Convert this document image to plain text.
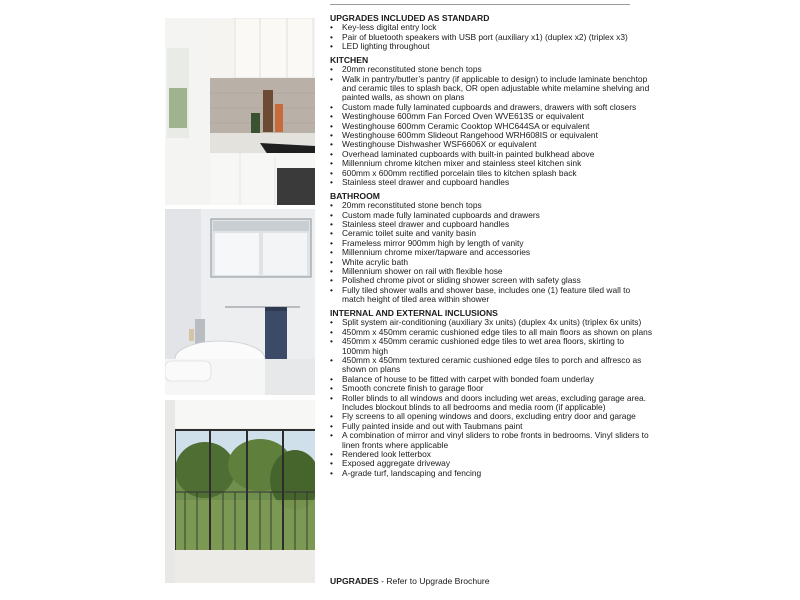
UPGRADES INCLUDED AS STANDARD
• Key-less digital entry lock
• Pair of bluetooth speakers with USB port (auxiliary x1) (duplex x2) (triplex x3)
• LED lighting throughout
KITCHEN
• 20mm reconstituted stone bench tops
• Walk in pantry/butler’s pantry (if applicable to design) to include laminate benchtop
and ceramic tiles to splash back, OR open adjustable white melamine shelving and
painted walls, as shown on plans
• Custom made fully laminated cupboards and drawers, drawers with soft closers
• Westinghouse 600mm Fan Forced Oven WVE613S or equivalent
• Westinghouse 600mm Ceramic Cooktop WHC644SA or equivalent
• Westinghouse 600mm Slideout Rangehood WRH608IS or equivalent
• Westinghouse Dishwasher WSF6606X or equivalent
• Overhead laminated cupboards with built-in painted bulkhead above
• Millennium chrome kitchen mixer and stainless steel kitchen sink
• 600mm x 600mm rectified porcelain tiles to kitchen splash back
• Stainless steel drawer and cupboard handles
BATHROOM
• 20mm reconstituted stone bench tops
• Custom made fully laminated cupboards and drawers
• Stainless steel drawer and cupboard handles
• Ceramic toilet suite and vanity basin
• Frameless mirror 900mm high by length of vanity
• Millennium chrome mixer/tapware and accessories
• White acrylic bath
• Millennium shower on rail with flexible hose
• Polished chrome pivot or sliding shower screen with safety glass
• Fully tiled shower walls and shower base, includes one (1) feature tiled wall to
match height of tiled area within shower
INTERNAL AND EXTERNAL INCLUSIONS
• Split system air-conditioning (auxiliary 3x units) (duplex 4x units) (triplex 6x units)
• 450mm x 450mm ceramic cushioned edge tiles to all main floors as shown on plans
• 450mm x 450mm ceramic cushioned edge tiles to wet area floors, skirting to
100mm high
• 450mm x 450mm textured ceramic cushioned edge tiles to porch and alfresco as
shown on plans
• Balance of house to be fitted with carpet with bonded foam underlay
• Smooth concrete finish to garage floor
• Roller blinds to all windows and doors including wet areas, excluding garage area.
Includes blockout blinds to all bedrooms and media room (if applicable)
• Fly screens to all opening windows and doors, excluding entry door and garage
• Fully painted inside and out with Taubmans paint
• A combination of mirror and vinyl sliders to robe fronts in bedrooms. Vinyl sliders to
linen fronts where applicable
• Rendered look letterbox
• Exposed aggregate driveway
• A-grade turf, landscaping and fencing
UPGRADES - Refer to Upgrade Brochure
